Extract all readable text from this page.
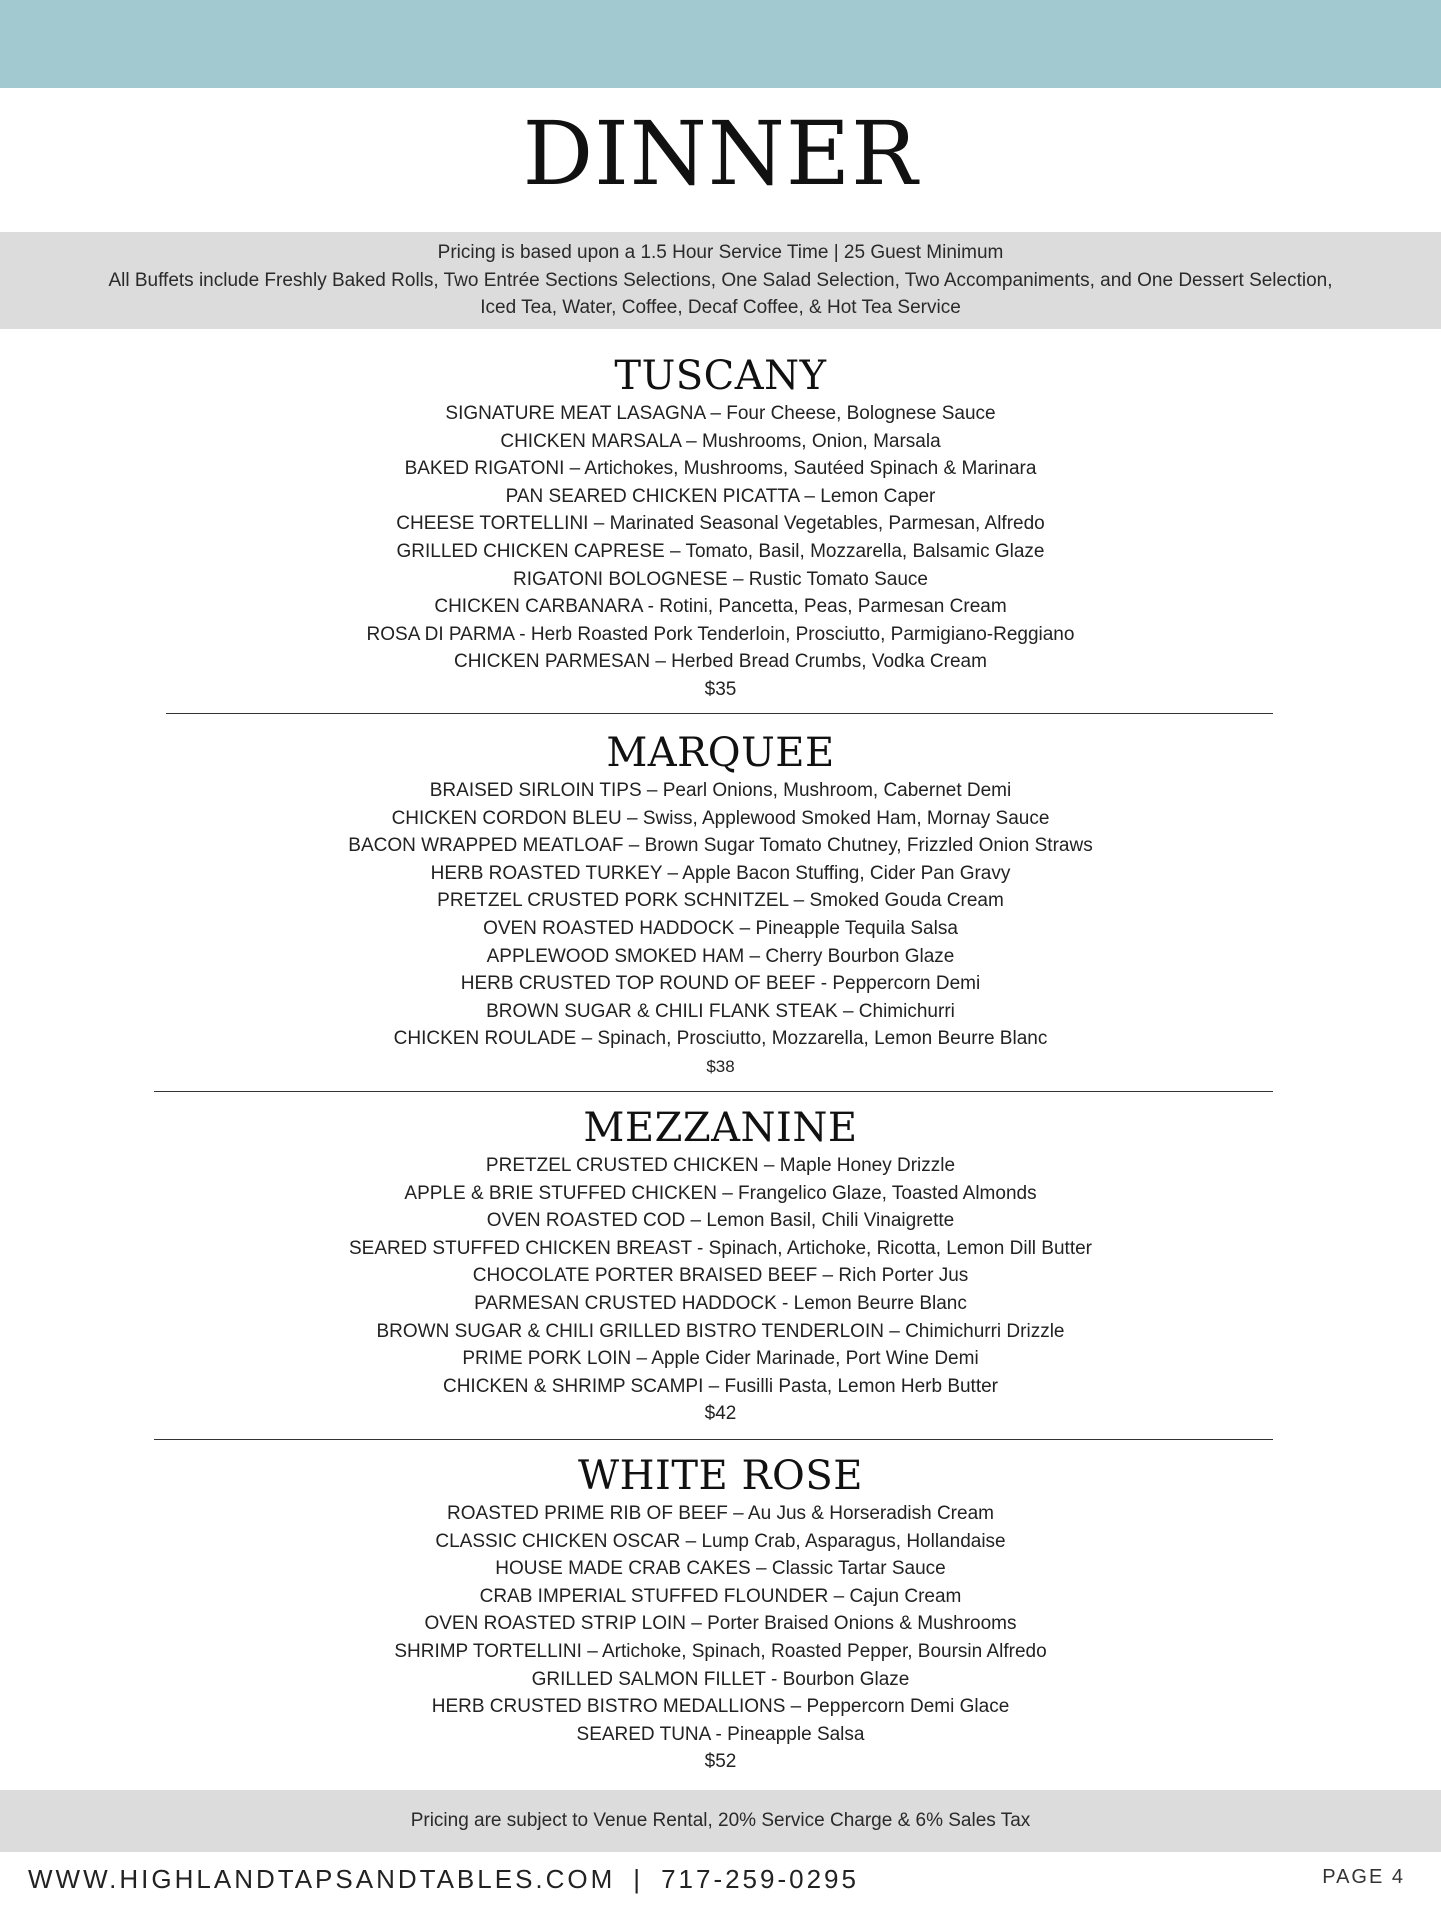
DINNER
Pricing is based upon a 1.5 Hour Service Time | 25 Guest Minimum
All Buffets include Freshly Baked Rolls, Two Entrée Sections Selections, One Salad Selection, Two Accompaniments, and One Dessert Selection,
Iced Tea, Water, Coffee, Decaf Coffee, & Hot Tea Service
TUSCANY
SIGNATURE MEAT LASAGNA – Four Cheese, Bolognese Sauce
CHICKEN MARSALA – Mushrooms, Onion, Marsala
BAKED RIGATONI – Artichokes, Mushrooms, Sautéed Spinach & Marinara
PAN SEARED CHICKEN PICATTA – Lemon Caper
CHEESE TORTELLINI – Marinated Seasonal Vegetables, Parmesan, Alfredo
GRILLED CHICKEN CAPRESE – Tomato, Basil, Mozzarella, Balsamic Glaze
RIGATONI BOLOGNESE – Rustic Tomato Sauce
CHICKEN CARBANARA - Rotini, Pancetta, Peas, Parmesan Cream
ROSA DI PARMA - Herb Roasted Pork Tenderloin, Prosciutto, Parmigiano-Reggiano
CHICKEN PARMESAN – Herbed Bread Crumbs, Vodka Cream
$35
MARQUEE
BRAISED SIRLOIN TIPS – Pearl Onions, Mushroom, Cabernet Demi
CHICKEN CORDON BLEU – Swiss, Applewood Smoked Ham, Mornay Sauce
BACON WRAPPED MEATLOAF – Brown Sugar Tomato Chutney, Frizzled Onion Straws
HERB ROASTED TURKEY – Apple Bacon Stuffing, Cider Pan Gravy
PRETZEL CRUSTED PORK SCHNITZEL – Smoked Gouda Cream
OVEN ROASTED HADDOCK – Pineapple Tequila Salsa
APPLEWOOD SMOKED HAM – Cherry Bourbon Glaze
HERB CRUSTED TOP ROUND OF BEEF - Peppercorn Demi
BROWN SUGAR & CHILI FLANK STEAK – Chimichurri
CHICKEN ROULADE – Spinach, Prosciutto, Mozzarella, Lemon Beurre Blanc
$38
MEZZANINE
PRETZEL CRUSTED CHICKEN – Maple Honey Drizzle
APPLE & BRIE STUFFED CHICKEN – Frangelico Glaze, Toasted Almonds
OVEN ROASTED COD – Lemon Basil, Chili Vinaigrette
SEARED STUFFED CHICKEN BREAST - Spinach, Artichoke, Ricotta, Lemon Dill Butter
CHOCOLATE PORTER BRAISED BEEF – Rich Porter Jus
PARMESAN CRUSTED HADDOCK - Lemon Beurre Blanc
BROWN SUGAR & CHILI GRILLED BISTRO TENDERLOIN – Chimichurri Drizzle
PRIME PORK LOIN – Apple Cider Marinade, Port Wine Demi
CHICKEN & SHRIMP SCAMPI – Fusilli Pasta, Lemon Herb Butter
$42
WHITE ROSE
ROASTED PRIME RIB OF BEEF – Au Jus & Horseradish Cream
CLASSIC CHICKEN OSCAR – Lump Crab, Asparagus, Hollandaise
HOUSE MADE CRAB CAKES – Classic Tartar Sauce
CRAB IMPERIAL STUFFED FLOUNDER – Cajun Cream
OVEN ROASTED STRIP LOIN – Porter Braised Onions & Mushrooms
SHRIMP TORTELLINI – Artichoke, Spinach, Roasted Pepper, Boursin Alfredo
GRILLED SALMON FILLET - Bourbon Glaze
HERB CRUSTED BISTRO MEDALLIONS – Peppercorn Demi Glace
SEARED TUNA - Pineapple Salsa
$52
Pricing are subject to Venue Rental, 20% Service Charge & 6% Sales Tax
WWW.HIGHLANDTAPSANDTABLES.COM | 717-259-0295	PAGE 4
